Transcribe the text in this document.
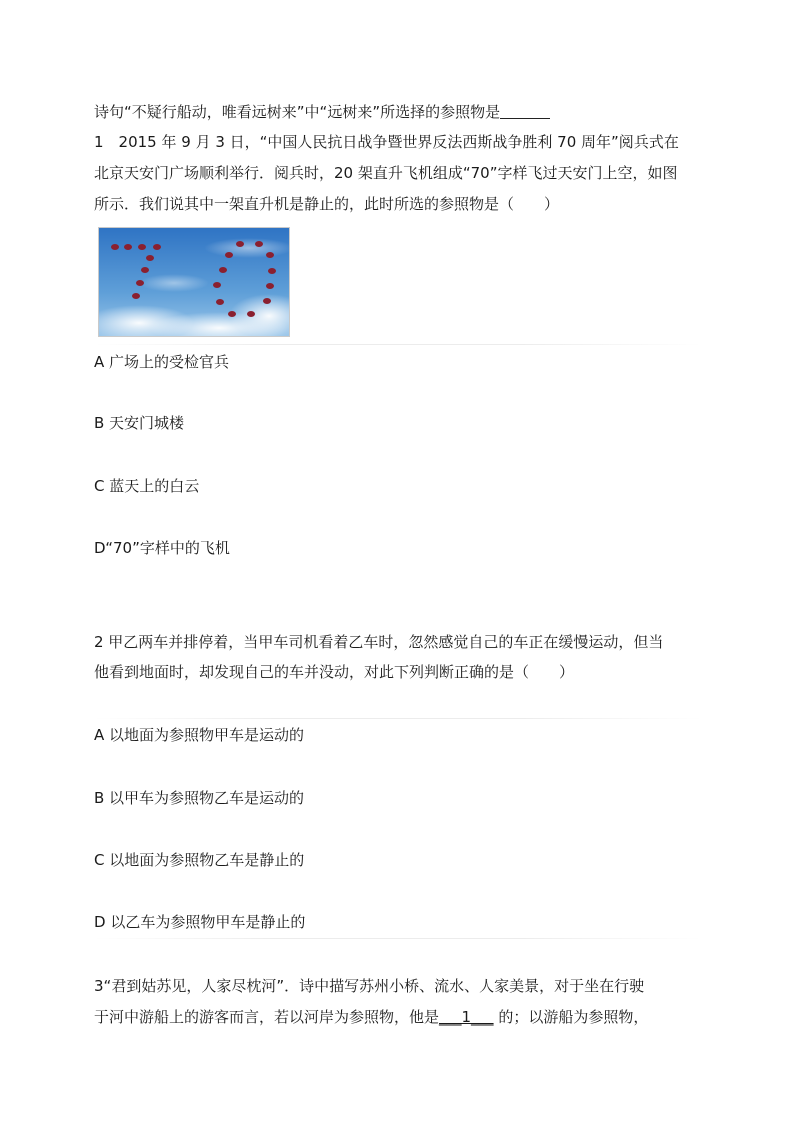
诗句“不疑行船动，唯看远树来”中“远树来”所选择的参照物是
1　2015 年 9 月 3 日，“中国人民抗日战争暨世界反法西斯战争胜利 70 周年”阅兵式在
北京天安门广场顺利举行．阅兵时，20 架直升飞机组成“70”字样飞过天安门上空，如图
所示．我们说其中一架直升机是静止的，此时所选的参照物是（　　）
A 广场上的受检官兵
B 天安门城楼
C 蓝天上的白云
D“70”字样中的飞机
2 甲乙两车并排停着，当甲车司机看着乙车时，忽然感觉自己的车正在缓慢运动，但当
他看到地面时，却发现自己的车并没动，对此下列判断正确的是（　　）
A 以地面为参照物甲车是运动的
B 以甲车为参照物乙车是运动的
C 以地面为参照物乙车是静止的
D 以乙车为参照物甲车是静止的
3“君到姑苏见，人家尽枕河”．诗中描写苏州小桥、流水、人家美景，对于坐在行驶
于河中游船上的游客而言，若以河岸为参照物，他是___1___ 的；以游船为参照物，
